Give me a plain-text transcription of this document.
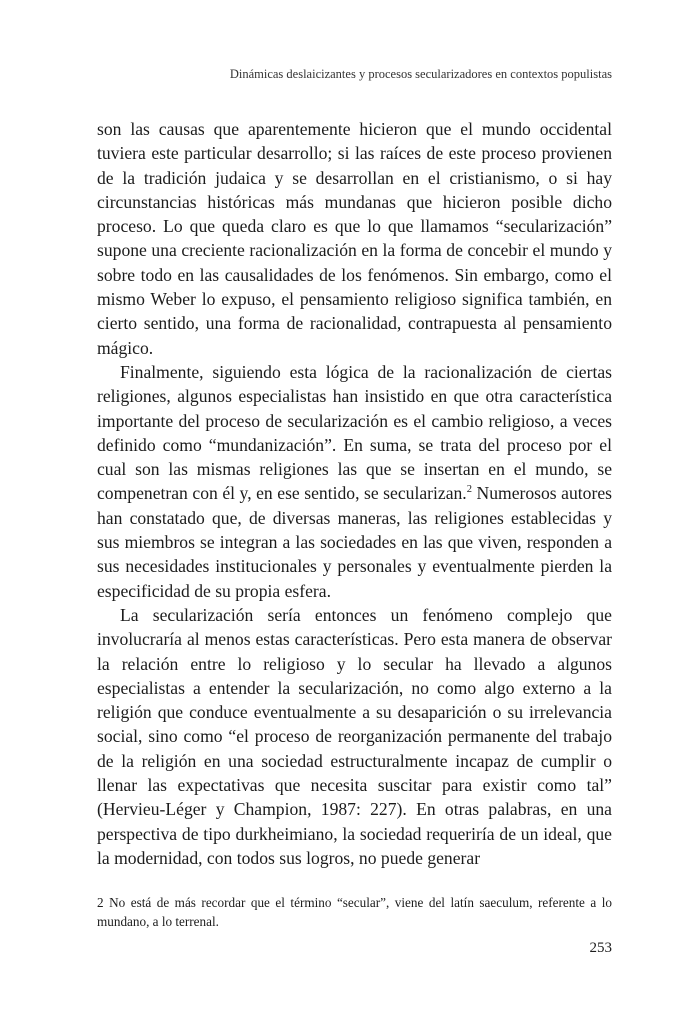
Dinámicas deslaicizantes y procesos secularizadores en contextos populistas

son las causas que aparentemente hicieron que el mundo occidental tuviera este particular desarrollo; si las raíces de este proceso provienen de la tradición judaica y se desarrollan en el cristianismo, o si hay circunstancias históricas más mundanas que hicieron posible dicho proceso. Lo que queda claro es que lo que llamamos “secularización” supone una creciente racionalización en la forma de concebir el mundo y sobre todo en las causalidades de los fenómenos. Sin embargo, como el mismo Weber lo expuso, el pensamiento religioso significa también, en cierto sentido, una forma de racionalidad, contrapuesta al pensamiento mágico.

Finalmente, siguiendo esta lógica de la racionalización de ciertas religiones, algunos especialistas han insistido en que otra característica importante del proceso de secularización es el cambio religioso, a veces definido como “mundanización”. En suma, se trata del proceso por el cual son las mismas religiones las que se insertan en el mundo, se compenetran con él y, en ese sentido, se secularizan.$^2$ Numerosos autores han constatado que, de diversas maneras, las religiones establecidas y sus miembros se integran a las sociedades en las que viven, responden a sus necesidades institucionales y personales y eventualmente pierden la especificidad de su propia esfera.

La secularización sería entonces un fenómeno complejo que involucraría al menos estas características. Pero esta manera de observar la relación entre lo religioso y lo secular ha llevado a algunos especialistas a entender la secularización, no como algo externo a la religión que conduce eventualmente a su desaparición o su irrelevancia social, sino como “el proceso de reorganización permanente del trabajo de la religión en una sociedad estructuralmente incapaz de cumplir o llenar las expectativas que necesita suscitar para existir como tal” (Hervieu-Léger y Champion, 1987: 227). En otras palabras, en una perspectiva de tipo durkheimiano, la sociedad requeriría de un ideal, que la modernidad, con todos sus logros, no puede generar

2 No está de más recordar que el término “secular”, viene del latín saeculum, referente a lo mundano, a lo terrenal.
253
